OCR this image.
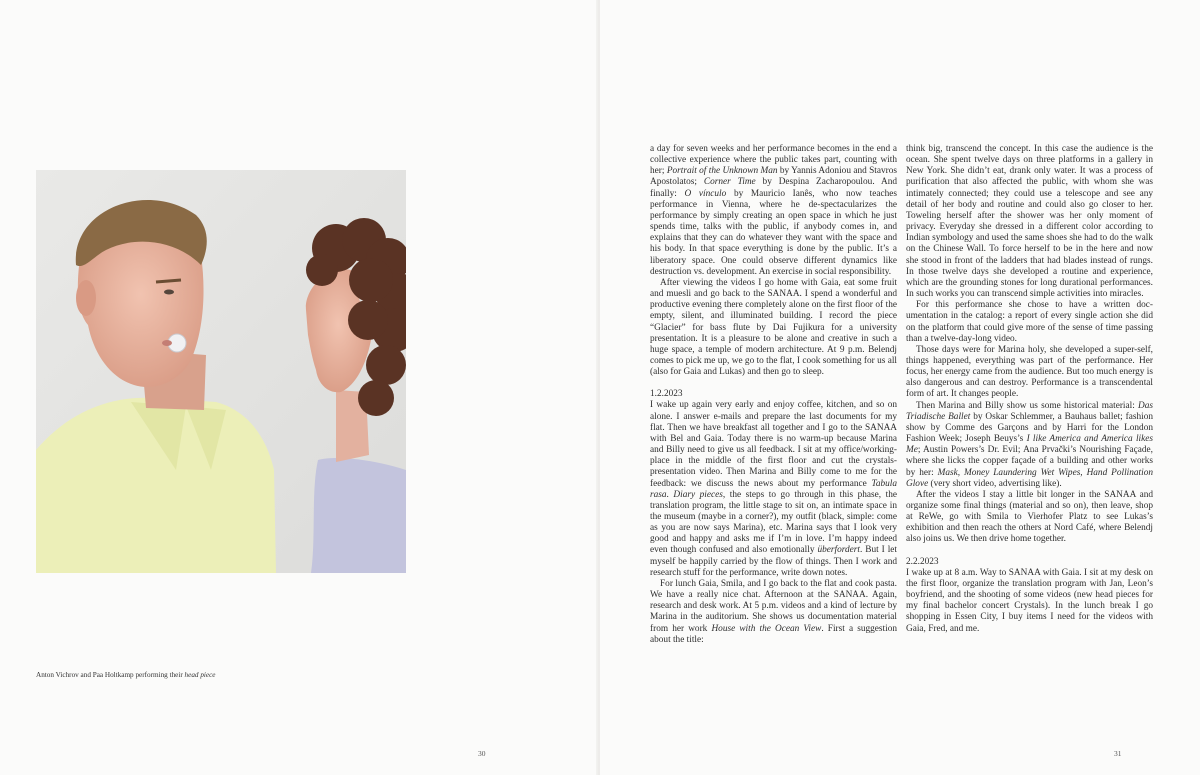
Anton Vichrov and Paa Holtkamp performing their head piece
30	31

a day for seven weeks and her performance becomes in the end a collective experience where the public takes part, counting with her; Portrait of the Unknown Man by Yannis Adoniou and Stavros Apostolatos; Corner Time by Despina Zacharopoulou. And finally: O vínculo by Mauricio Ianês, who now teaches performance in Vienna, where he de-spectacularizes the performance by simply creating an open space in which he just spends time, talks with the public, if anybody comes in, and explains that they can do whatever they want with the space and his body. In that space everything is done by the public. It’s a liberatory space. One could observe different dynamics like destruction vs. development. An exercise in social responsibility.

After viewing the videos I go home with Gaia, eat some fruit and muesli and go back to the SANAA. I spend a wonderful and productive evening there completely alone on the first floor of the empty, silent, and illuminated building. I record the piece “Glacier” for bass flute by Dai Fujikura for a university presentation. It is a pleasure to be alone and creative in such a huge space, a temple of modern architecture. At 9 p.m. Belendj comes to pick me up, we go to the flat, I cook something for us all (also for Gaia and Lukas) and then go to sleep.

1.2.2023

I wake up again very early and enjoy coffee, kitchen, and so on alone. I answer e-mails and prepare the last documents for my flat. Then we have breakfast all together and I go to the SANAA with Bel and Gaia. Today there is no warm-up because Marina and Billy need to give us all feedback. I sit at my office/working-place in the middle of the first floor and cut the crystals-presentation video. Then Marina and Billy come to me for the feedback: we discuss the news about my performance Tabula rasa. Diary pieces, the steps to go through in this phase, the translation program, the little stage to sit on, an intimate space in the museum (maybe in a corner?), my outfit (black, simple: come as you are now says Marina), etc. Marina says that I look very good and happy and asks me if I’m in love. I’m happy indeed even though confused and also emotionally überfordert. But I let myself be happily carried by the flow of things. Then I work and research stuff for the performance, write down notes.

For lunch Gaia, Smila, and I go back to the flat and cook pasta. We have a really nice chat. Afternoon at the SANAA. Again, research and desk work. At 5 p.m. videos and a kind of lecture by Marina in the auditorium. She shows us documentation material from her work House with the Ocean View. First a suggestion about the title:

think big, transcend the concept. In this case the audience is the ocean. She spent twelve days on three platforms in a gallery in New York. She didn’t eat, drank only water. It was a process of purification that also affected the public, with whom she was intimately connected; they could use a telescope and see any detail of her body and routine and could also go closer to her. Toweling herself after the shower was her only moment of privacy. Everyday she dressed in a different color according to Indian symbology and used the same shoes she had to do the walk on the Chinese Wall. To force herself to be in the here and now she stood in front of the ladders that had blades instead of rungs. In those twelve days she developed a routine and experience, which are the grounding stones for long durational performances. In such works you can transcend simple activities into miracles.

For this performance she chose to have a written documentation in the catalog: a report of every single action she did on the platform that could give more of the sense of time passing than a twelve-day-long video.

Those days were for Marina holy, she developed a super-self, things happened, everything was part of the performance. Her focus, her energy came from the audience. But too much energy is also dangerous and can destroy. Performance is a transcendental form of art. It changes people.

Then Marina and Billy show us some historical material: Das Triadische Ballet by Oskar Schlemmer, a Bauhaus ballet; fashion show by Comme des Garçons and by Harri for the London Fashion Week; Joseph Beuys’s I like America and America likes Me; Austin Powers’s Dr. Evil; Ana Prvački’s Nourishing Façade, where she licks the copper façade of a building and other works by her: Mask, Money Laundering Wet Wipes, Hand Pollination Glove (very short video, advertising like).

After the videos I stay a little bit longer in the SANAA and organize some final things (material and so on), then leave, shop at ReWe, go with Smila to Vierhofer Platz to see Lukas’s exhibition and then reach the others at Nord Café, where Belendj also joins us. We then drive home together.

2.2.2023

I wake up at 8 a.m. Way to SANAA with Gaia. I sit at my desk on the first floor, organize the translation program with Jan, Leon’s boyfriend, and the shooting of some videos (new head pieces for my final bachelor concert Crystals). In the lunch break I go shopping in Essen City, I buy items I need for the videos with Gaia, Fred, and me.
